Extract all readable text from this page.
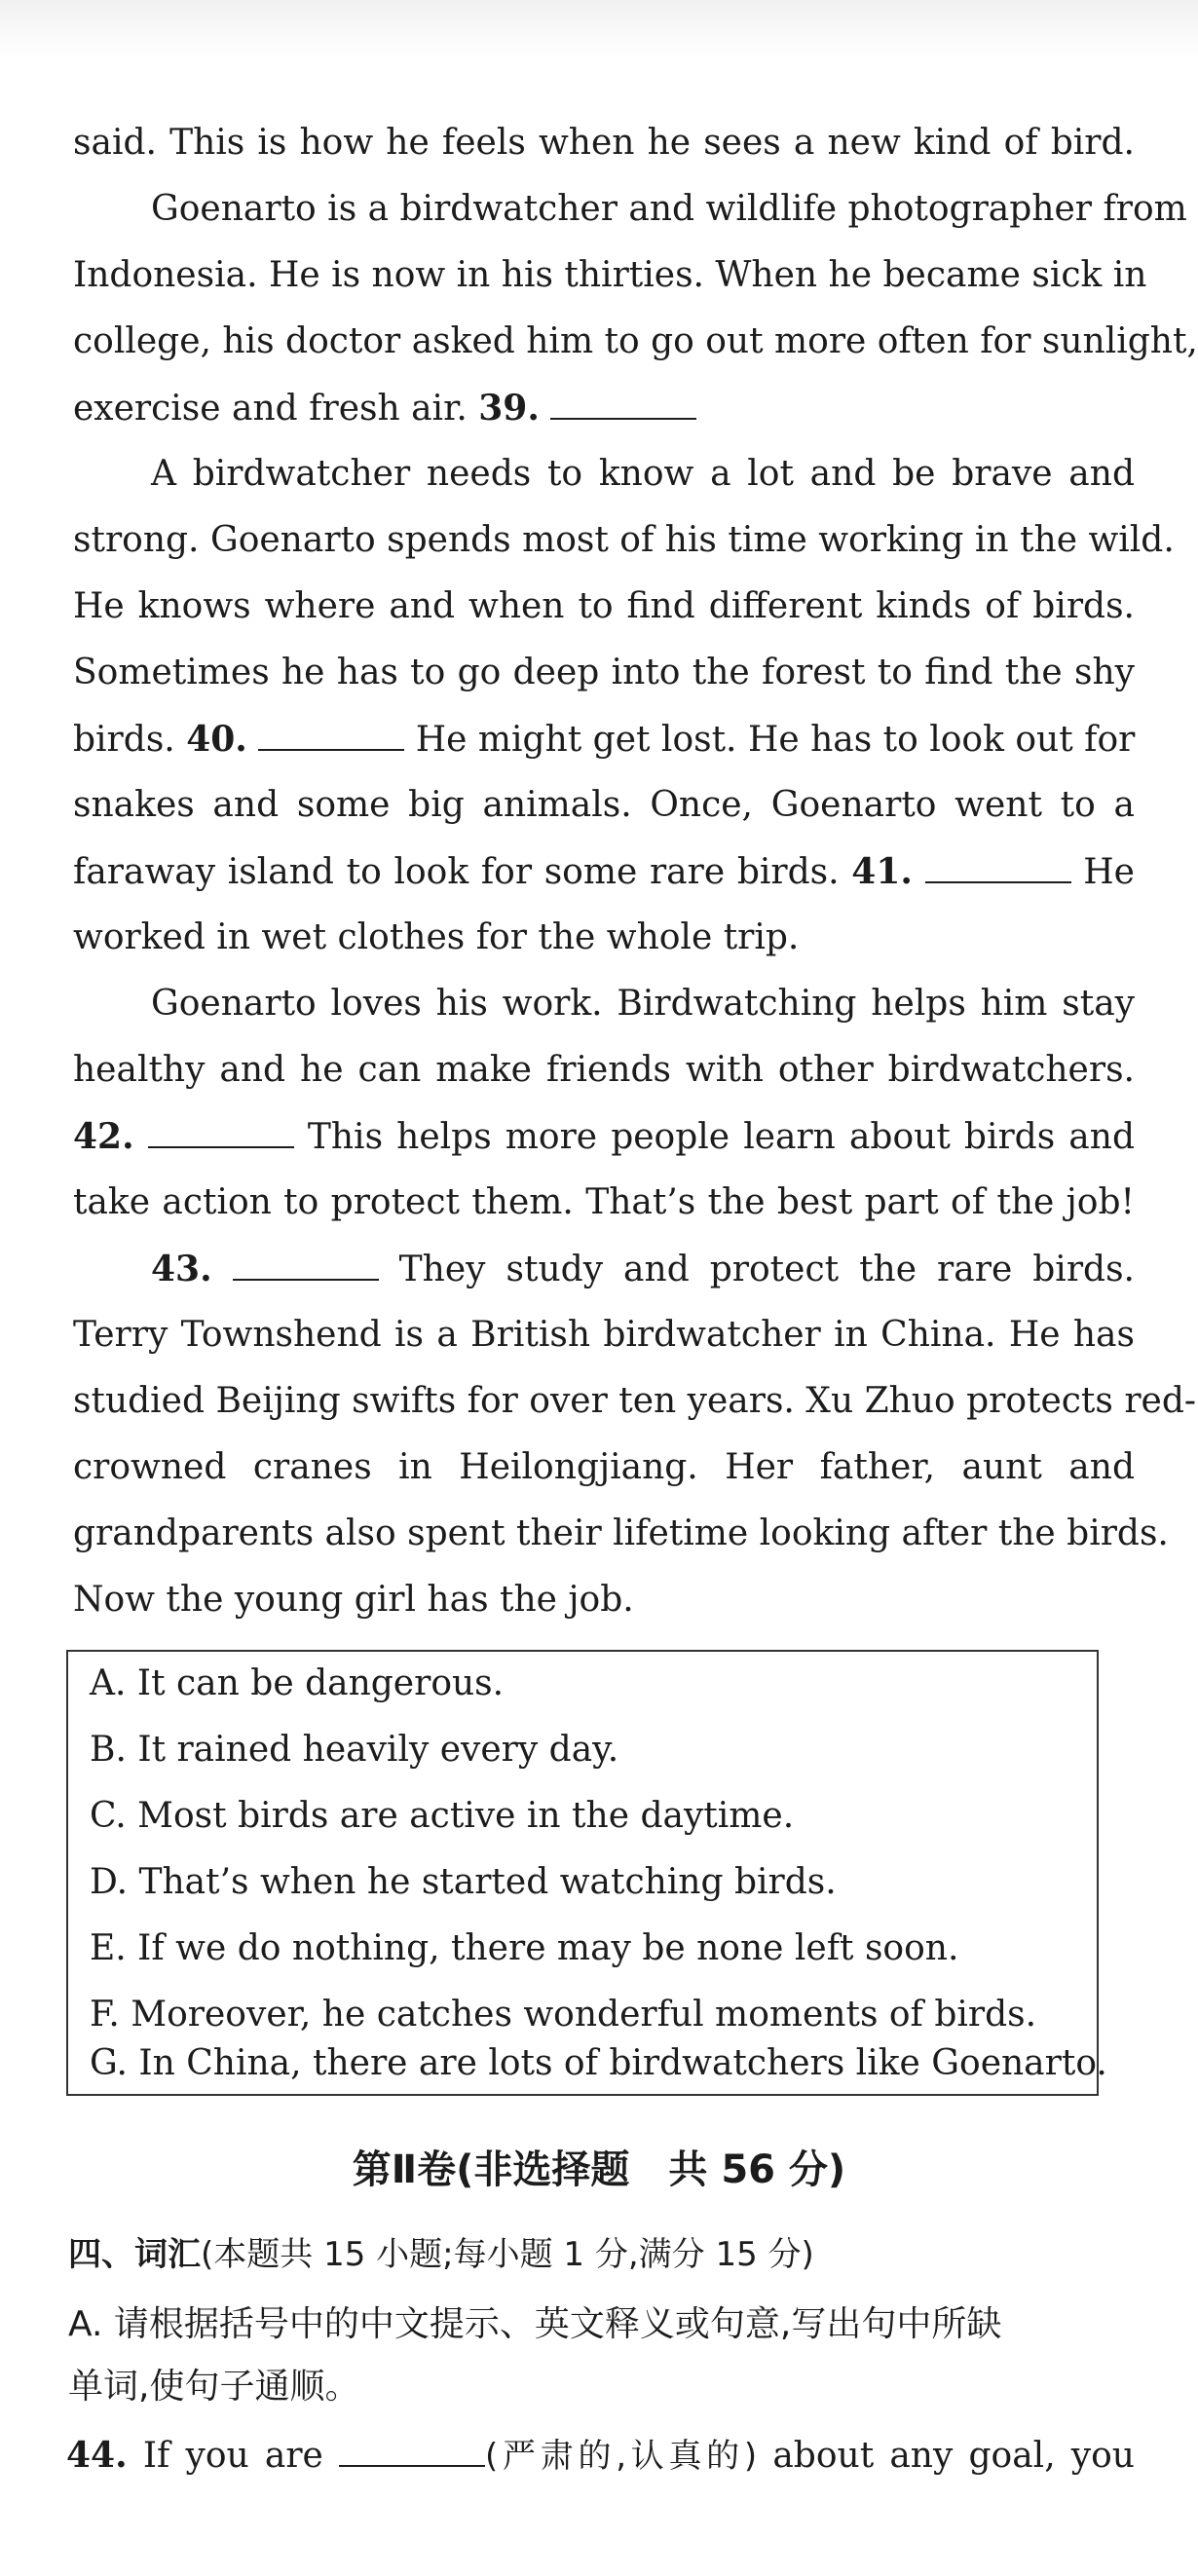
said. This is how he feels when he sees a new kind of bird.
Goenarto is a birdwatcher and wildlife photographer from
Indonesia. He is now in his thirties. When he became sick in
college, his doctor asked him to go out more often for sunlight,
exercise and fresh air. 39.
A birdwatcher needs to know a lot and be brave and
strong. Goenarto spends most of his time working in the wild.
He knows where and when to find different kinds of birds.
Sometimes he has to go deep into the forest to find the shy
birds. 40.	He might get lost. He has to look out for
snakes and some big animals. Once, Goenarto went to a
faraway island to look for some rare birds. 41.	He
worked in wet clothes for the whole trip.
Goenarto loves his work. Birdwatching helps him stay
healthy and he can make friends with other birdwatchers.
42.	This helps more people learn about birds and
take action to protect them. That’s the best part of the job!
43.	They study and protect the rare birds.
Terry Townshend is a British birdwatcher in China. He has
studied Beijing swifts for over ten years. Xu Zhuo protects red-
crowned cranes in Heilongjiang. Her father, aunt and
grandparents also spent their lifetime looking after the birds.
Now the young girl has the job.
A. It can be dangerous.
B. It rained heavily every day.
C. Most birds are active in the daytime.
D. That’s when he started watching birds.
E. If we do nothing, there may be none left soon.
F. Moreover, he catches wonderful moments of birds.
G. In China, there are lots of birdwatchers like Goenarto.
第Ⅱ卷(非选择题　共 56 分)
四、词汇(本题共 15 小题;每小题 1 分,满分 15 分)
A. 请根据括号中的中文提示、英文释义或句意,写出句中所缺
单词,使句子通顺。
44. If you are	(严肃的,认真的) about any goal, you
